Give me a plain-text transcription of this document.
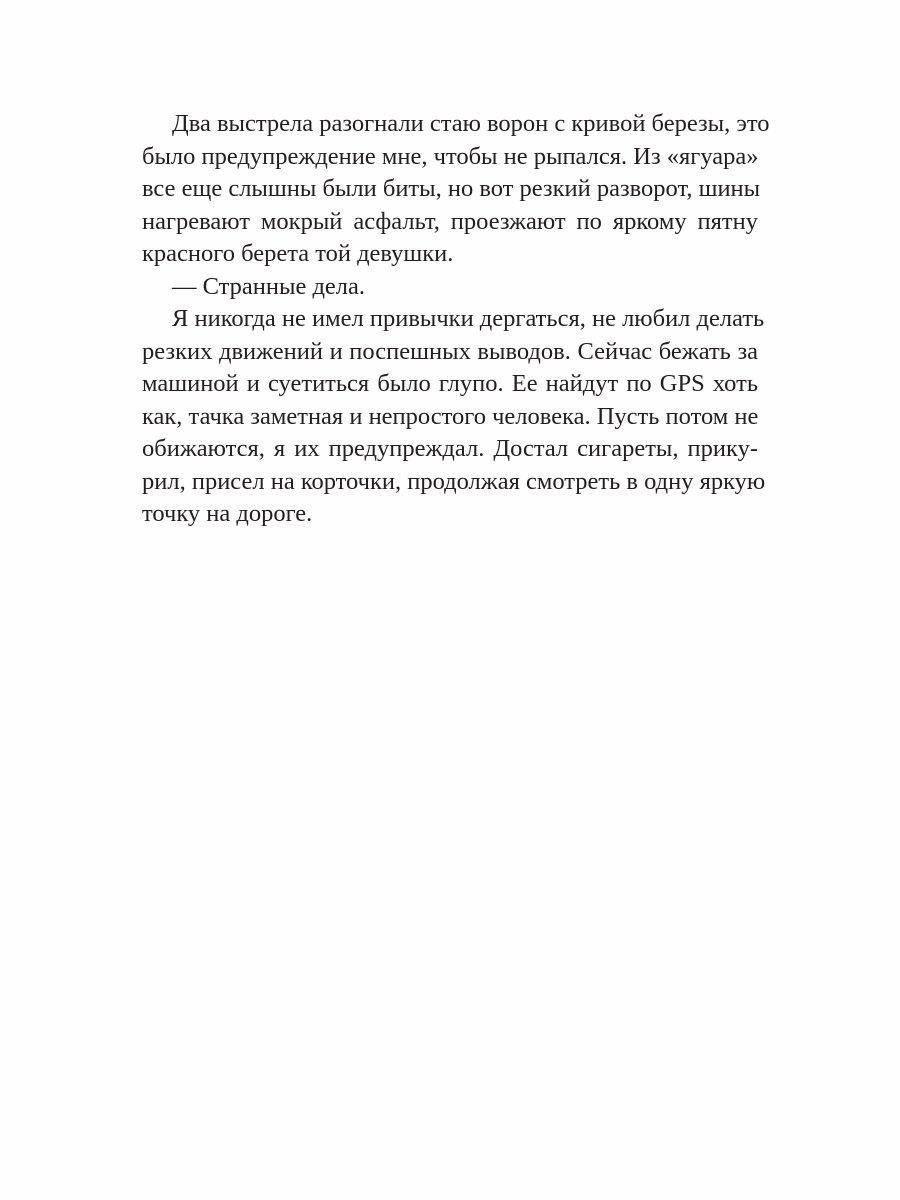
Два выстрела разогнали стаю ворон с кривой березы, это
было предупреждение мне, чтобы не рыпался. Из «ягуара»
все еще слышны были биты, но вот резкий разворот, шины
нагревают мокрый асфальт, проезжают по яркому пятну
красного берета той девушки.
— Странные дела.
Я никогда не имел привычки дергаться, не любил делать
резких движений и поспешных выводов. Сейчас бежать за
машиной и суетиться было глупо. Ее найдут по GPS хоть
как, тачка заметная и непростого человека. Пусть потом не
обижаются, я их предупреждал. Достал сигареты, прику-
рил, присел на корточки, продолжая смотреть в одну яркую
точку на дороге.
